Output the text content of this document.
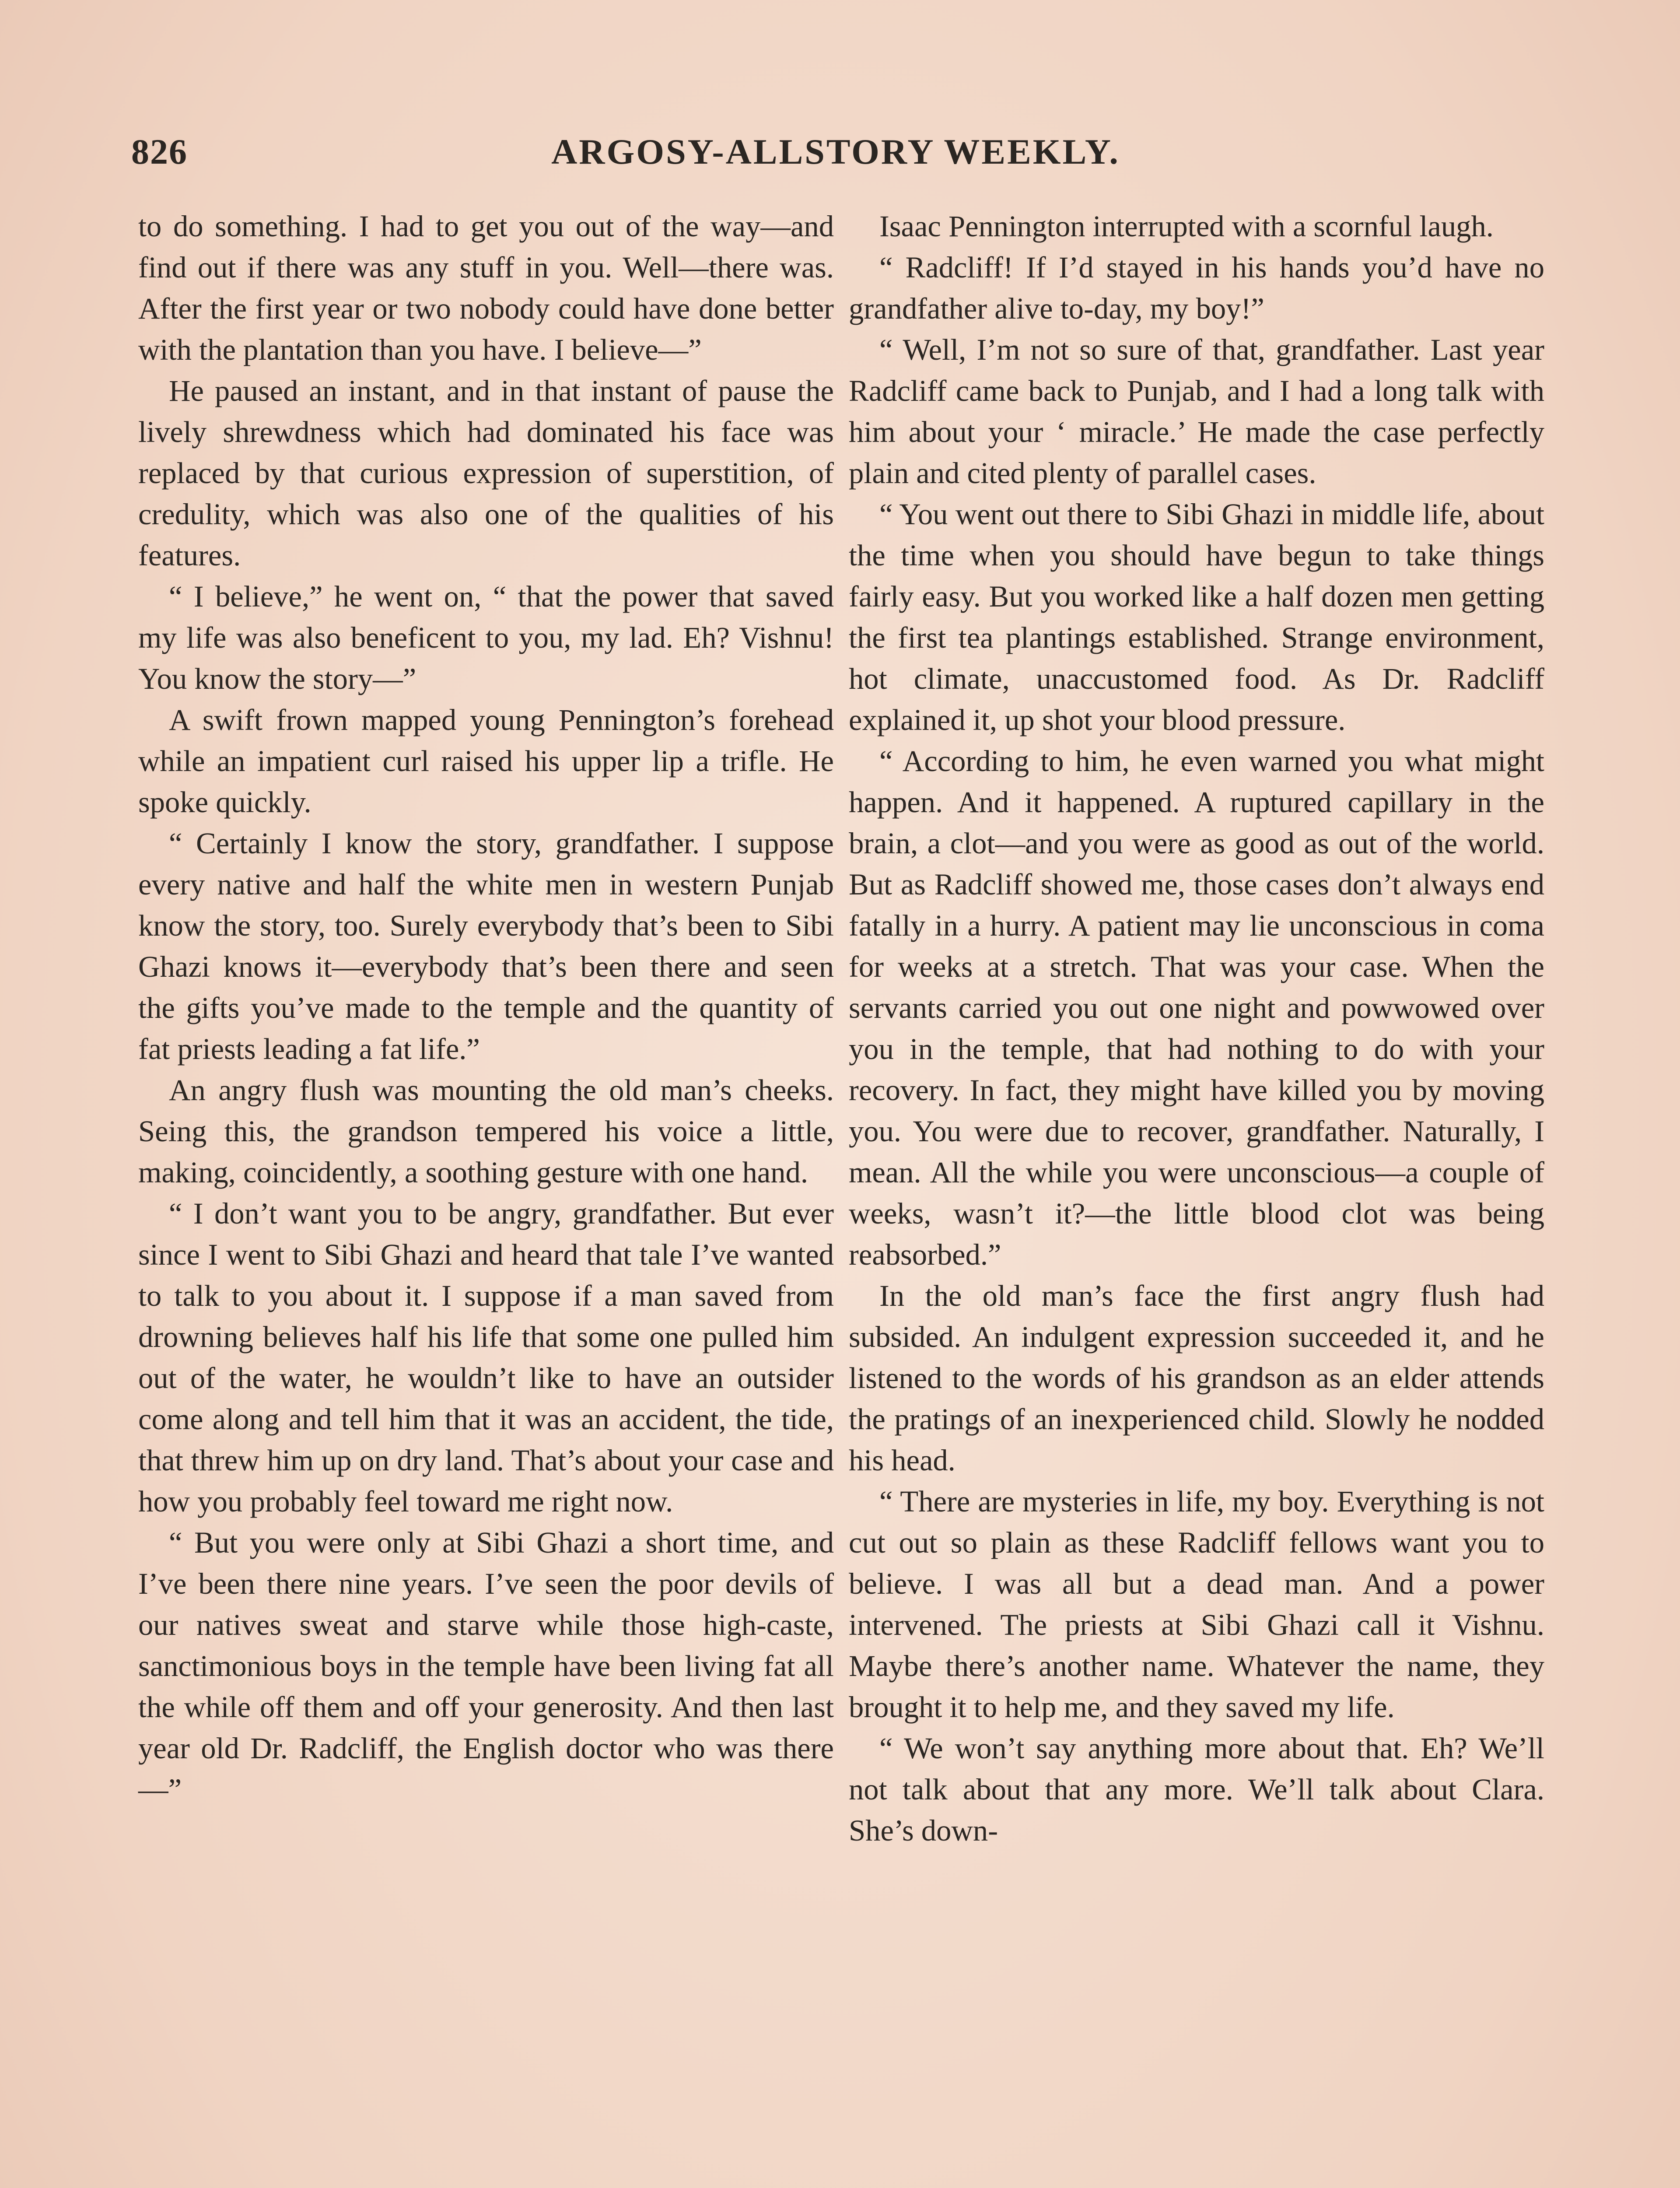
826	ARGOSY-ALLSTORY WEEKLY.

to do something. I had to get you out of the way—and find out if there was any stuff in you. Well—there was. After the first year or two nobody could have done better with the plantation than you have. I believe—”

He paused an instant, and in that instant of pause the lively shrewdness which had dominated his face was replaced by that curious expression of superstition, of credulity, which was also one of the qualities of his features.

“ I believe,” he went on, “ that the power that saved my life was also beneficent to you, my lad. Eh? Vishnu! You know the story—”

A swift frown mapped young Pennington’s forehead while an impatient curl raised his upper lip a trifle. He spoke quickly.

“ Certainly I know the story, grandfather. I suppose every native and half the white men in western Punjab know the story, too. Surely everybody that’s been to Sibi Ghazi knows it—everybody that’s been there and seen the gifts you’ve made to the temple and the quantity of fat priests leading a fat life.”

An angry flush was mounting the old man’s cheeks. Seing this, the grandson tempered his voice a little, making, coincidently, a soothing gesture with one hand.

“ I don’t want you to be angry, grandfather. But ever since I went to Sibi Ghazi and heard that tale I’ve wanted to talk to you about it. I suppose if a man saved from drowning believes half his life that some one pulled him out of the water, he wouldn’t like to have an outsider come along and tell him that it was an accident, the tide, that threw him up on dry land. That’s about your case and how you probably feel toward me right now.

“ But you were only at Sibi Ghazi a short time, and I’ve been there nine years. I’ve seen the poor devils of our natives sweat and starve while those high-caste, sanctimonious boys in the temple have been living fat all the while off them and off your generosity. And then last year old Dr. Radcliff, the English doctor who was there—”

Isaac Pennington interrupted with a scornful laugh.

“ Radcliff! If I’d stayed in his hands you’d have no grandfather alive to-day, my boy!”

“ Well, I’m not so sure of that, grandfather. Last year Radcliff came back to Punjab, and I had a long talk with him about your ‘ miracle.’ He made the case perfectly plain and cited plenty of parallel cases.

“ You went out there to Sibi Ghazi in middle life, about the time when you should have begun to take things fairly easy. But you worked like a half dozen men getting the first tea plantings established. Strange environment, hot climate, unaccustomed food. As Dr. Radcliff explained it, up shot your blood pressure.

“ According to him, he even warned you what might happen. And it happened. A ruptured capillary in the brain, a clot—and you were as good as out of the world. But as Radcliff showed me, those cases don’t always end fatally in a hurry. A patient may lie unconscious in coma for weeks at a stretch. That was your case. When the servants carried you out one night and powwowed over you in the temple, that had nothing to do with your recovery. In fact, they might have killed you by moving you. You were due to recover, grandfather. Naturally, I mean. All the while you were unconscious—a couple of weeks, wasn’t it?—the little blood clot was being reabsorbed.”

In the old man’s face the first angry flush had subsided. An indulgent expression succeeded it, and he listened to the words of his grandson as an elder attends the pratings of an inexperienced child. Slowly he nodded his head.

“ There are mysteries in life, my boy. Everything is not cut out so plain as these Radcliff fellows want you to believe. I was all but a dead man. And a power intervened. The priests at Sibi Ghazi call it Vishnu. Maybe there’s another name. Whatever the name, they brought it to help me, and they saved my life.

“ We won’t say anything more about that. Eh? We’ll not talk about that any more. We’ll talk about Clara. She’s down-
